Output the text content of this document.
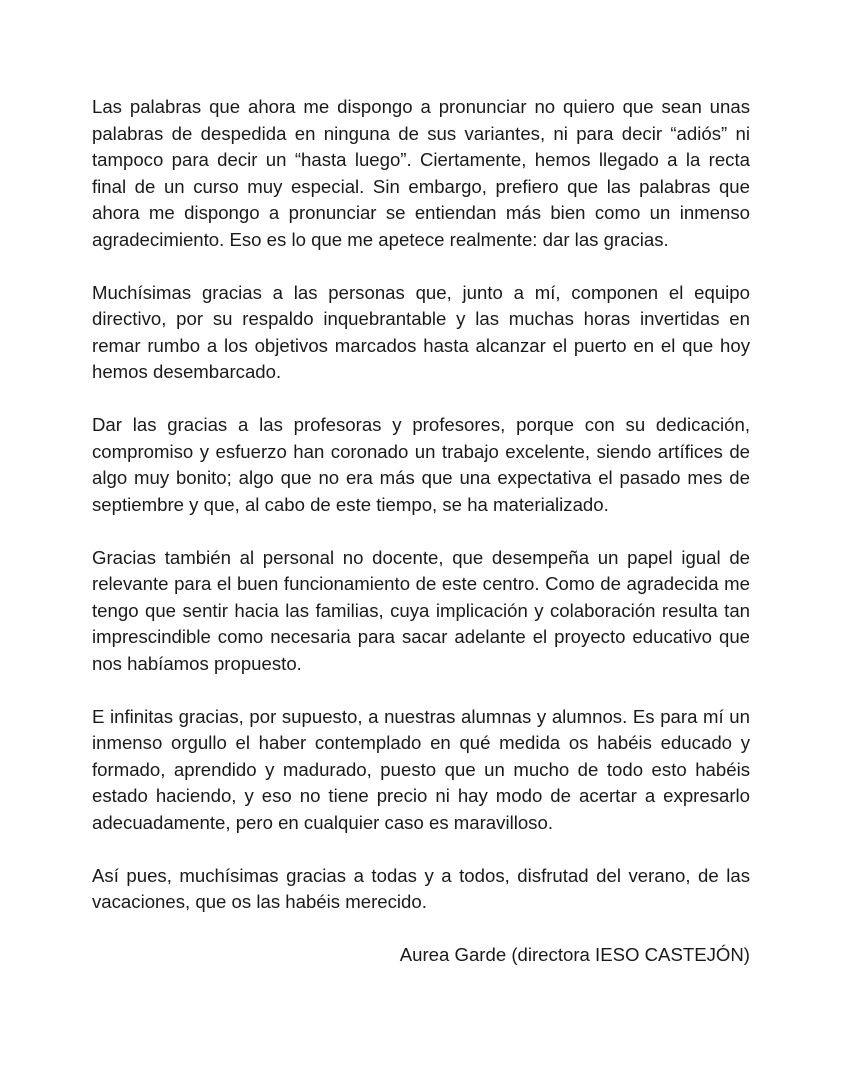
Las palabras que ahora me dispongo a pronunciar no quiero que sean unas palabras de despedida en ninguna de sus variantes, ni para decir “adiós” ni tampoco para decir un “hasta luego”. Ciertamente, hemos llegado a la recta final de un curso muy especial. Sin embargo, prefiero que las palabras que ahora me dispongo a pronunciar se entiendan más bien como un inmenso agradecimiento. Eso es lo que me apetece realmente: dar las gracias.

Muchísimas gracias a las personas que, junto a mí, componen el equipo directivo, por su respaldo inquebrantable y las muchas horas invertidas en remar rumbo a los objetivos marcados hasta alcanzar el puerto en el que hoy hemos desembarcado.

Dar las gracias a las profesoras y profesores, porque con su dedicación, compromiso y esfuerzo han coronado un trabajo excelente, siendo artífices de algo muy bonito; algo que no era más que una expectativa el pasado mes de septiembre y que, al cabo de este tiempo, se ha materializado.

Gracias también al personal no docente, que desempeña un papel igual de relevante para el buen funcionamiento de este centro. Como de agradecida me tengo que sentir hacia las familias, cuya implicación y colaboración resulta tan imprescindible como necesaria para sacar adelante el proyecto educativo que nos habíamos propuesto.

E infinitas gracias, por supuesto, a nuestras alumnas y alumnos. Es para mí un inmenso orgullo el haber contemplado en qué medida os habéis educado y formado, aprendido y madurado, puesto que un mucho de todo esto habéis estado haciendo, y eso no tiene precio ni hay modo de acertar a expresarlo adecuadamente, pero en cualquier caso es maravilloso.

Así pues, muchísimas gracias a todas y a todos, disfrutad del verano, de las vacaciones, que os las habéis merecido.

Aurea Garde (directora IESO CASTEJÓN)
